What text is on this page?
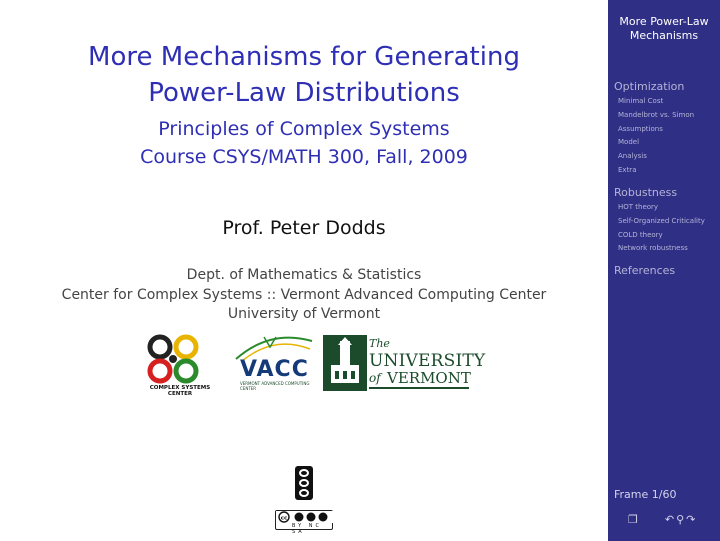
More Mechanisms for Generating
Power-Law Distributions
Principles of Complex Systems
Course CSYS/MATH 300, Fall, 2009
Prof. Peter Dodds
Dept. of Mathematics & Statistics
Center for Complex Systems :: Vermont Advanced Computing Center
University of Vermont
COMPLEX SYSTEMS CENTER
VACC
VERMONT ADVANCED COMPUTING CENTER
The
UNIVERSITY
of VERMONT
cc
BY NC SA
More Power-Law
Mechanisms
Optimization
Minimal Cost
Mandelbrot vs. Simon
Assumptions
Model
Analysis
Extra
Robustness
HOT theory
Self-Organized Criticality
COLD theory
Network robustness
References
Frame 1/60
❐ ↶⚲↷
